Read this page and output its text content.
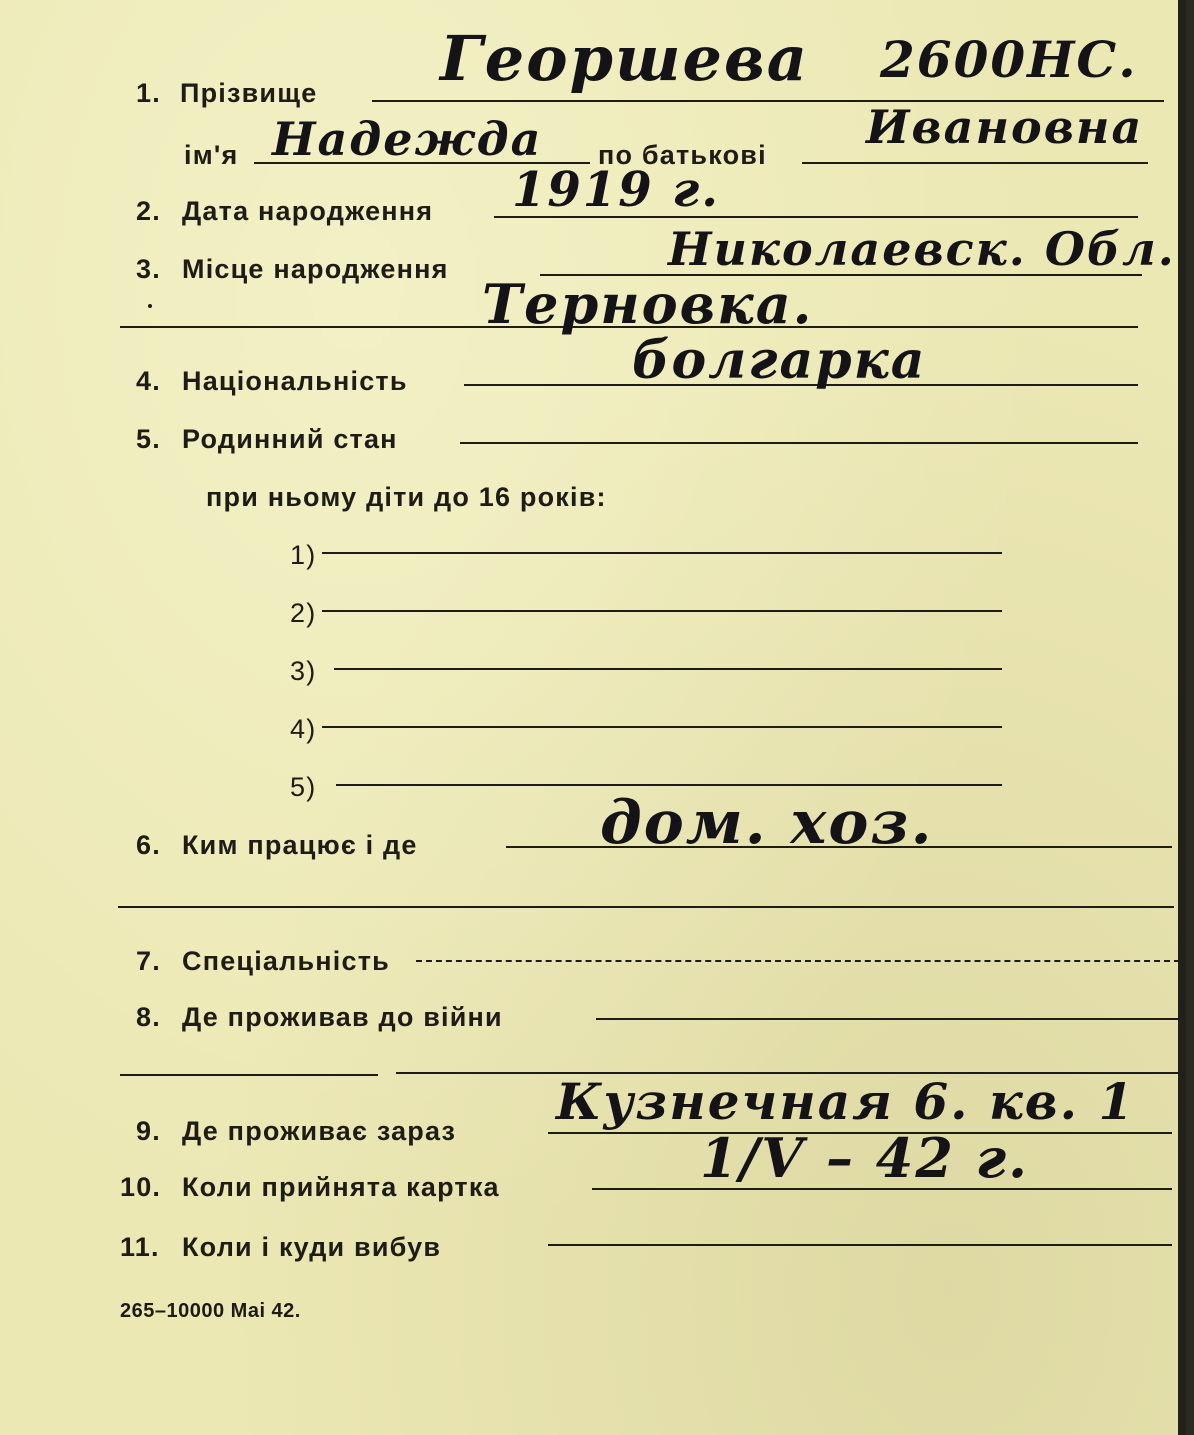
1. Прізвище Георшева 2600НС.
ім'я Надежда по батькові
Ивановна
2. Дата народження 1919 г.
3. Місце народження	Николаевск. Обл.
Терновка.
4. Національність	болгарка
5. Родинний стан
при ньому діти до 16 років:
1)
2)
3)
4)
5)
6. Ким працює і де	дом. хоз.
7. Спеціальність
8. Де проживав до війни
9. Де проживає зараз Кузнечная 6. кв. 1
10. Коли прийнята картка	1/V – 42 г.
11. Коли і куди вибув
265–10000 Mai 42.
